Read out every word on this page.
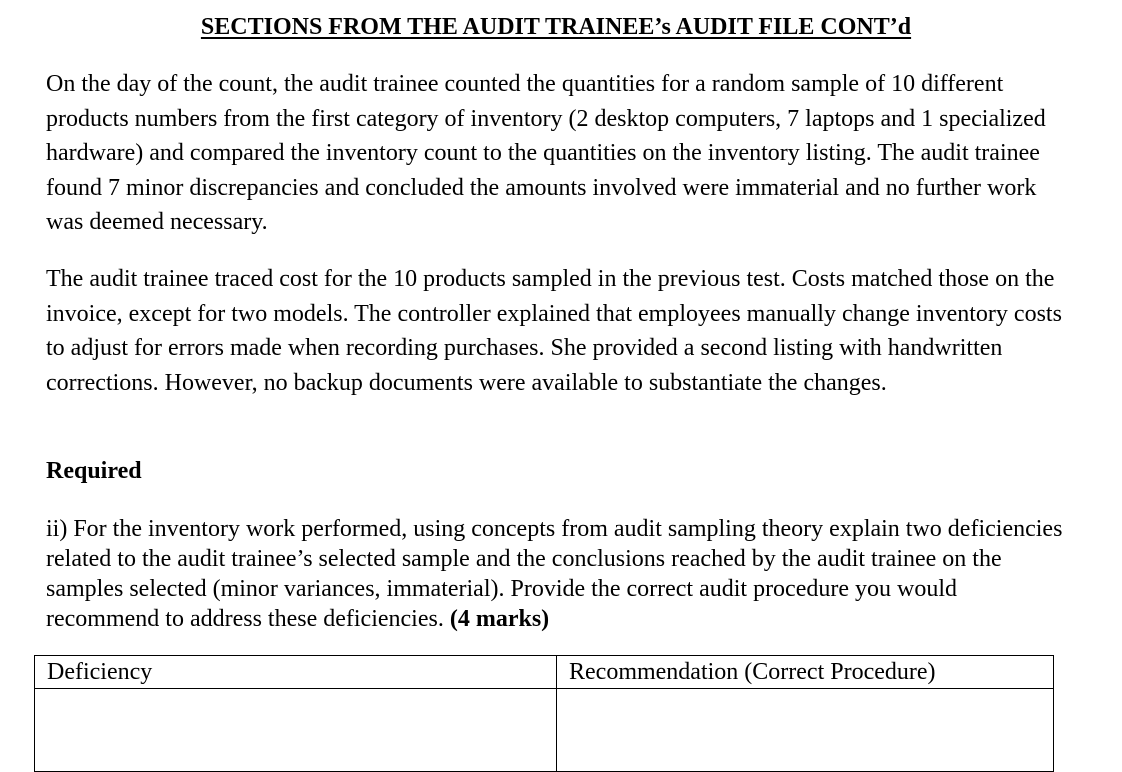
SECTIONS FROM THE AUDIT TRAINEE’s AUDIT FILE CONT’d

On the day of the count, the audit trainee counted the quantities for a random sample of 10 different products numbers from the first category of inventory (2 desktop computers, 7 laptops and 1 specialized hardware) and compared the inventory count to the quantities on the inventory listing. The audit trainee found 7 minor discrepancies and concluded the amounts involved were immaterial and no further work was deemed necessary.

The audit trainee traced cost for the 10 products sampled in the previous test. Costs matched those on the invoice, except for two models. The controller explained that employees manually change inventory costs to adjust for errors made when recording purchases. She provided a second listing with handwritten corrections. However, no backup documents were available to substantiate the changes.

Required

ii) For the inventory work performed, using concepts from audit sampling theory explain two deficiencies related to the audit trainee’s selected sample and the conclusions reached by the audit trainee on the samples selected (minor variances, immaterial). Provide the correct audit procedure you would recommend to address these deficiencies. (4 marks)

Deficiency	Recommendation (Correct Procedure)
